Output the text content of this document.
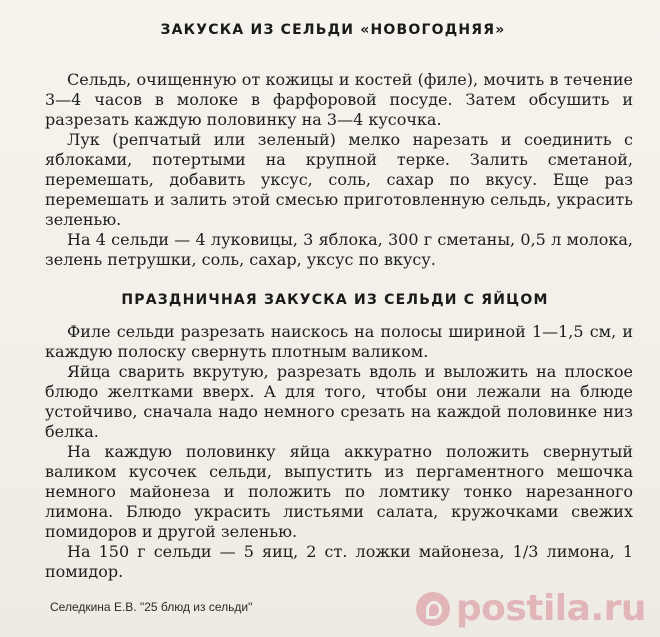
ЗАКУСКА ИЗ СЕЛЬДИ «НОВОГОДНЯЯ»

Сельдь, очищенную от кожицы и костей (филе), мочить в течение 3—4 часов в молоке в фарфоровой посуде. Затем обсушить и разрезать каждую половинку на 3—4 кусочка.

Лук (репчатый или зеленый) мелко нарезать и соединить с яблоками, потертыми на крупной терке. Залить сметаной, перемешать, добавить уксус, соль, сахар по вкусу. Еще раз перемешать и залить этой смесью приготовленную сельдь, украсить зеленью.

На 4 сельди — 4 луковицы, 3 яблока, 300 г сметаны, 0,5 л молока, зелень петрушки, соль, сахар, уксус по вкусу.

ПРАЗДНИЧНАЯ ЗАКУСКА ИЗ СЕЛЬДИ С ЯЙЦОМ

Филе сельди разрезать наискось на полосы шириной 1—1,5 см, и каждую полоску свернуть плотным валиком.

Яйца сварить вкрутую, разрезать вдоль и выложить на плоское блюдо желтками вверх. А для того, чтобы они лежали на блюде устойчиво, сначала надо немного срезать на каждой половинке низ белка.

На каждую половинку яйца аккуратно положить свернутый валиком кусочек сельди, выпустить из пергаментного мешочка немного майонеза и положить по ломтику тонко нарезанного лимона. Блюдо украсить листьями салата, кружочками свежих помидоров и другой зеленью.

На 150 г сельди — 5 яиц, 2 ст. ложки майонеза, 1/3 лимона, 1 помидор.

Селедкина Е.В. "25 блюд из сельди"	postila.ru
